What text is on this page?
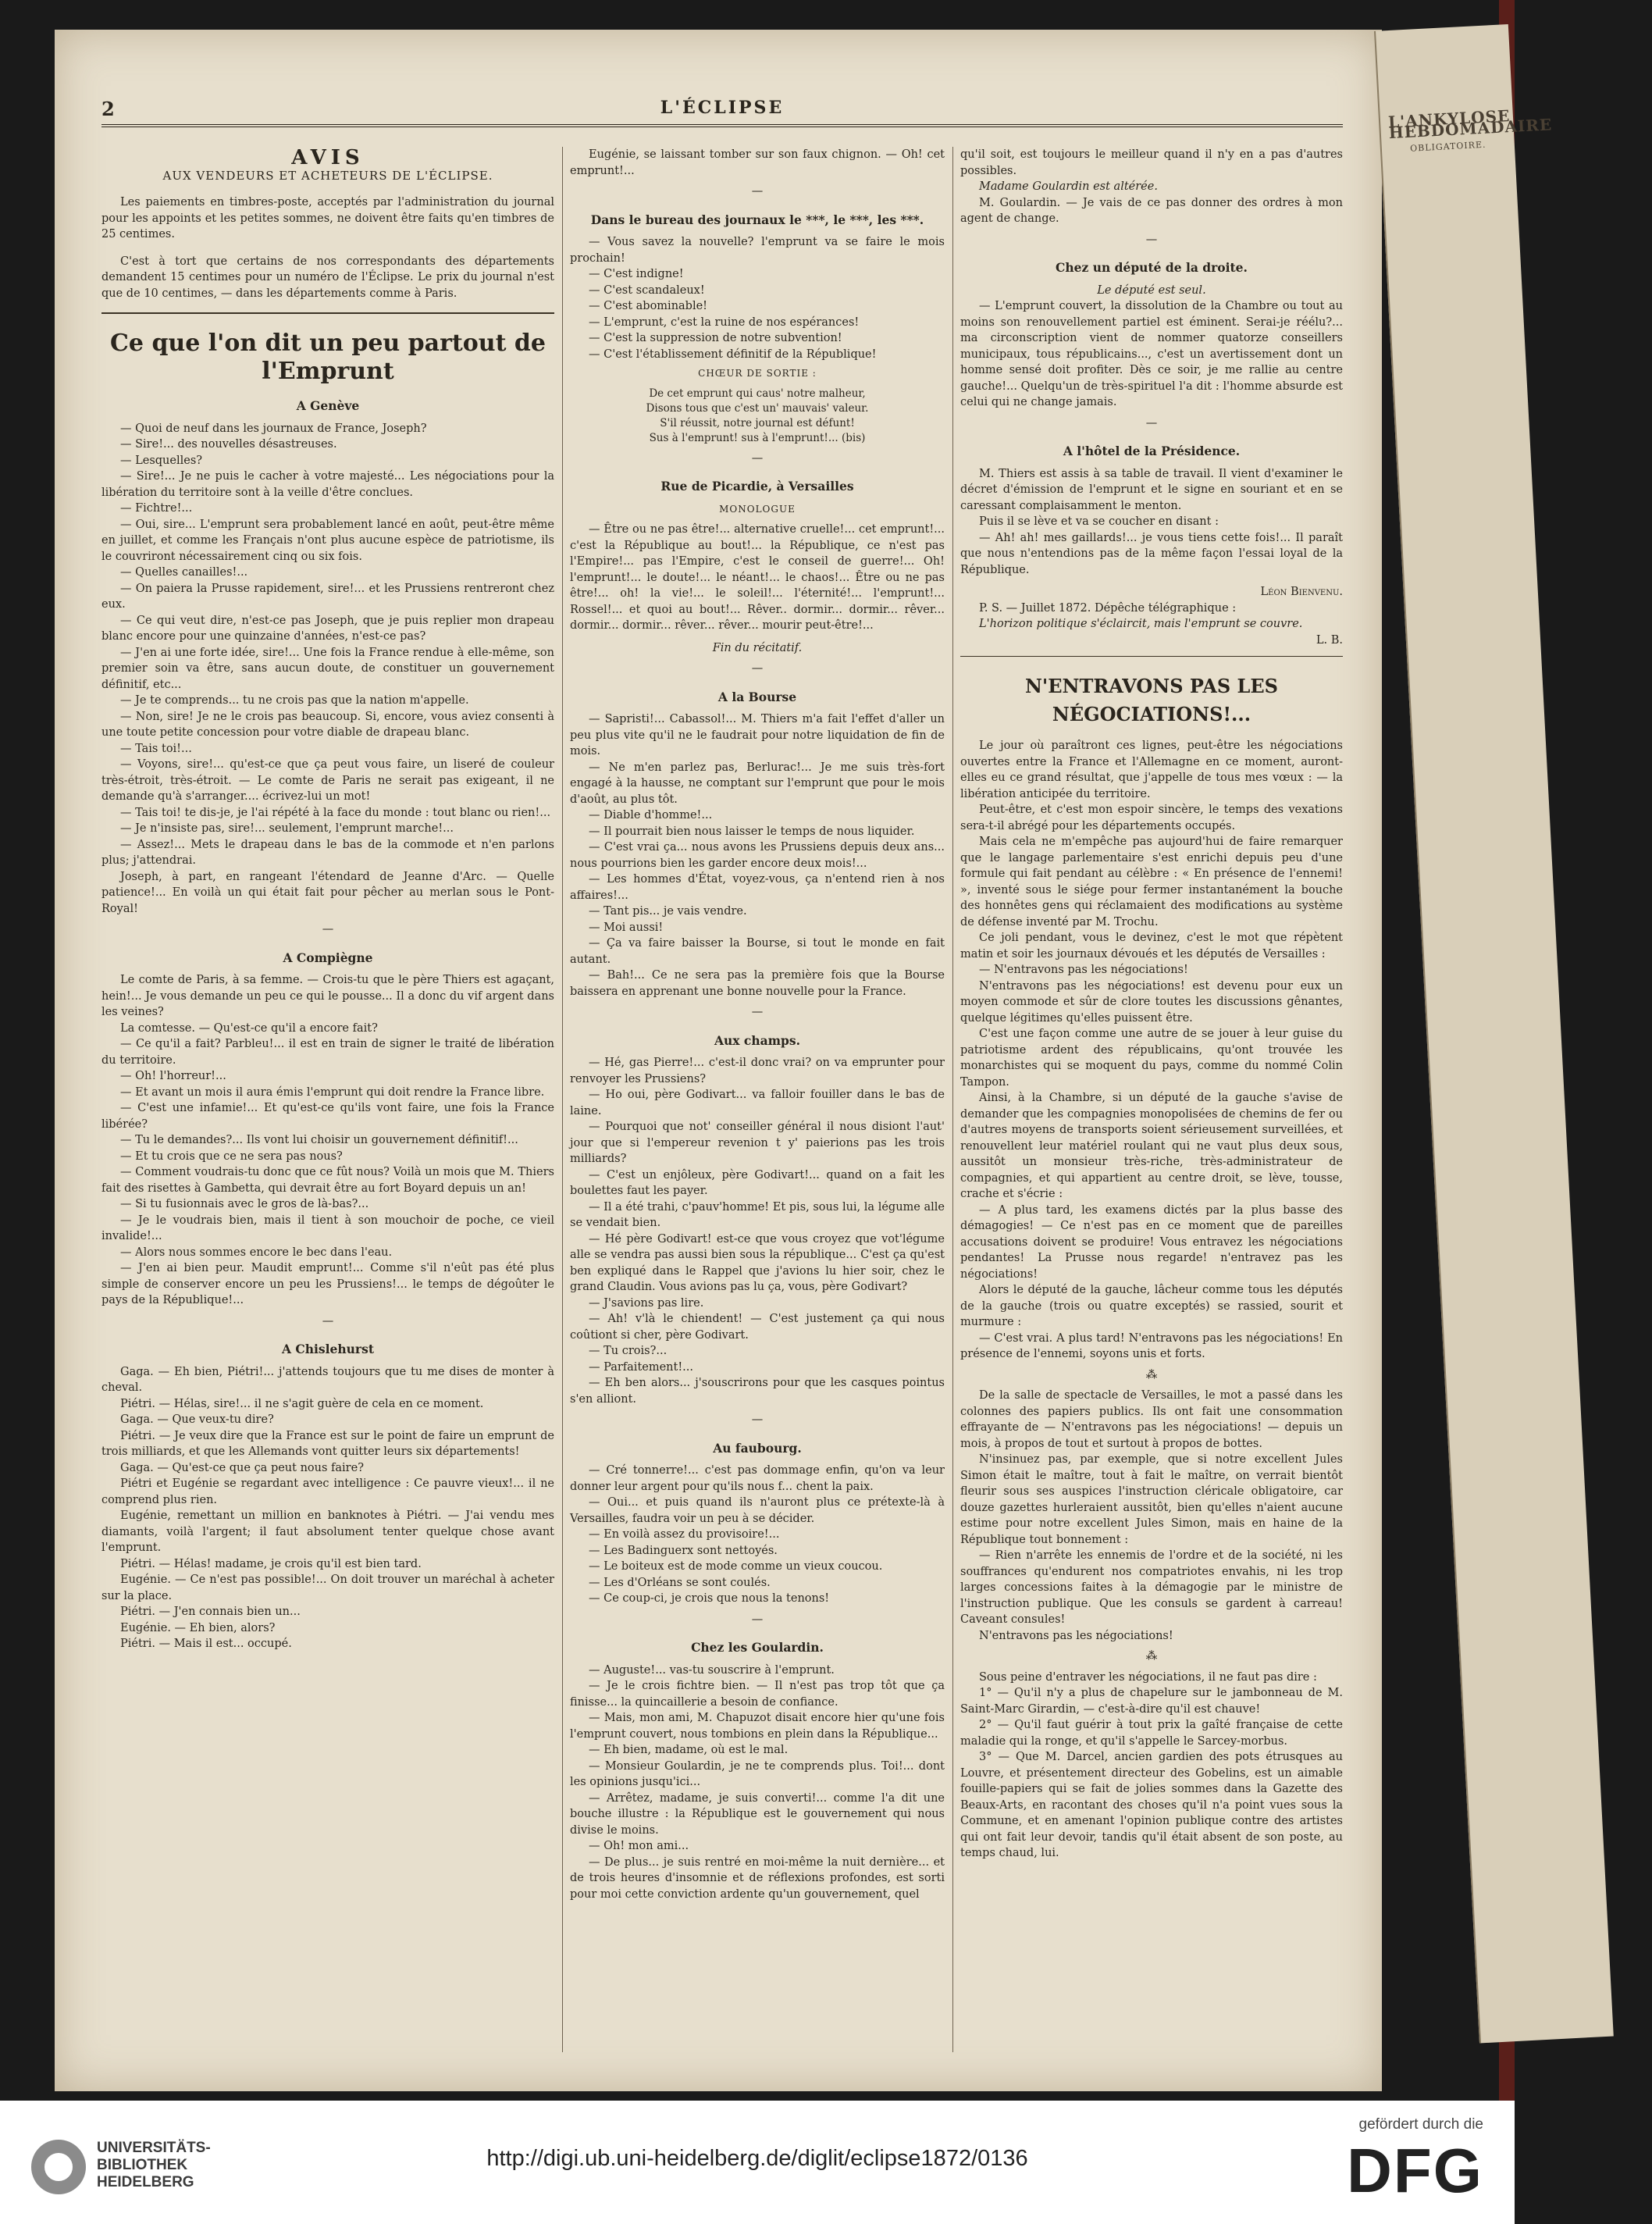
L'ANKYLOSE HEBDOMADAIRE
OBLIGATOIRE.
2	L'ÉCLIPSE
AVIS
AUX VENDEURS ET ACHETEURS DE L'ÉCLIPSE.

Les paiements en timbres-poste, acceptés par l'administration du journal pour les appoints et les petites sommes, ne doivent être faits qu'en timbres de 25 centimes.

C'est à tort que certains de nos correspondants des départements demandent 15 centimes pour un numéro de l'Éclipse. Le prix du journal n'est que de 10 centimes, — dans les départements comme à Paris.

Ce que l'on dit un peu partout de l'Emprunt
A Genève

— Quoi de neuf dans les journaux de France, Joseph?

— Sire!... des nouvelles désastreuses.

— Lesquelles?

— Sire!... Je ne puis le cacher à votre majesté... Les négociations pour la libération du territoire sont à la veille d'être conclues.

— Fichtre!...

— Oui, sire... L'emprunt sera probablement lancé en août, peut-être même en juillet, et comme les Français n'ont plus aucune espèce de patriotisme, ils le couvriront nécessairement cinq ou six fois.

— Quelles canailles!...

— On paiera la Prusse rapidement, sire!... et les Prussiens rentreront chez eux.

— Ce qui veut dire, n'est-ce pas Joseph, que je puis replier mon drapeau blanc encore pour une quinzaine d'années, n'est-ce pas?

— J'en ai une forte idée, sire!... Une fois la France rendue à elle-même, son premier soin va être, sans aucun doute, de constituer un gouvernement définitif, etc...

— Je te comprends... tu ne crois pas que la nation m'appelle.

— Non, sire! Je ne le crois pas beaucoup. Si, encore, vous aviez consenti à une toute petite concession pour votre diable de drapeau blanc.

— Tais toi!...

— Voyons, sire!... qu'est-ce que ça peut vous faire, un liseré de couleur très-étroit, très-étroit. — Le comte de Paris ne serait pas exigeant, il ne demande qu'à s'arranger.... écrivez-lui un mot!

— Tais toi! te dis-je, je l'ai répété à la face du monde : tout blanc ou rien!...

— Je n'insiste pas, sire!... seulement, l'emprunt marche!...

— Assez!... Mets le drapeau dans le bas de la commode et n'en parlons plus; j'attendrai.

Joseph, à part, en rangeant l'étendard de Jeanne d'Arc. — Quelle patience!... En voilà un qui était fait pour pêcher au merlan sous le Pont-Royal!

—
A Compiègne

Le comte de Paris, à sa femme. — Crois-tu que le père Thiers est agaçant, hein!... Je vous demande un peu ce qui le pousse... Il a donc du vif argent dans les veines?

La comtesse. — Qu'est-ce qu'il a encore fait?

— Ce qu'il a fait? Parbleu!... il est en train de signer le traité de libération du territoire.

— Oh! l'horreur!...

— Et avant un mois il aura émis l'emprunt qui doit rendre la France libre.

— C'est une infamie!... Et qu'est-ce qu'ils vont faire, une fois la France libérée?

— Tu le demandes?... Ils vont lui choisir un gouvernement définitif!...

— Et tu crois que ce ne sera pas nous?

— Comment voudrais-tu donc que ce fût nous? Voilà un mois que M. Thiers fait des risettes à Gambetta, qui devrait être au fort Boyard depuis un an!

— Si tu fusionnais avec le gros de là-bas?...

— Je le voudrais bien, mais il tient à son mouchoir de poche, ce vieil invalide!...

— Alors nous sommes encore le bec dans l'eau.

— J'en ai bien peur. Maudit emprunt!... Comme s'il n'eût pas été plus simple de conserver encore un peu les Prussiens!... le temps de dégoûter le pays de la République!...

—
A Chislehurst

Gaga. — Eh bien, Piétri!... j'attends toujours que tu me dises de monter à cheval.

Piétri. — Hélas, sire!... il ne s'agit guère de cela en ce moment.

Gaga. — Que veux-tu dire?

Piétri. — Je veux dire que la France est sur le point de faire un emprunt de trois milliards, et que les Allemands vont quitter leurs six départements!

Gaga. — Qu'est-ce que ça peut nous faire?

Piétri et Eugénie se regardant avec intelligence : Ce pauvre vieux!... il ne comprend plus rien.

Eugénie, remettant un million en banknotes à Piétri. — J'ai vendu mes diamants, voilà l'argent; il faut absolument tenter quelque chose avant l'emprunt.

Piétri. — Hélas! madame, je crois qu'il est bien tard.

Eugénie. — Ce n'est pas possible!... On doit trouver un maréchal à acheter sur la place.

Piétri. — J'en connais bien un...

Eugénie. — Eh bien, alors?

Piétri. — Mais il est... occupé.

Eugénie, se laissant tomber sur son faux chignon. — Oh! cet emprunt!...

—
Dans le bureau des journaux le ***, le ***, les ***.

— Vous savez la nouvelle? l'emprunt va se faire le mois prochain!

— C'est indigne!

— C'est scandaleux!

— C'est abominable!

— L'emprunt, c'est la ruine de nos espérances!

— C'est la suppression de notre subvention!

— C'est l'établissement définitif de la République!

CHŒUR DE SORTIE :
De cet emprunt qui caus' notre malheur,
Disons tous que c'est un' mauvais' valeur.
S'il réussit, notre journal est défunt!
Sus à l'emprunt! sus à l'emprunt!... (bis)
—
Rue de Picardie, à Versailles
MONOLOGUE

— Être ou ne pas être!... alternative cruelle!... cet emprunt!... c'est la République au bout!... la République, ce n'est pas l'Empire!... pas l'Empire, c'est le conseil de guerre!... Oh! l'emprunt!... le doute!... le néant!... le chaos!... Être ou ne pas être!... oh! la vie!... le soleil!... l'éternité!... l'emprunt!... Rossel!... et quoi au bout!... Rêver.. dormir... dormir... rêver... dormir... dormir... rêver... rêver... mourir peut-être!...

Fin du récitatif.

—
A la Bourse

— Sapristi!... Cabassol!... M. Thiers m'a fait l'effet d'aller un peu plus vite qu'il ne le faudrait pour notre liquidation de fin de mois.

— Ne m'en parlez pas, Berlurac!... Je me suis très-fort engagé à la hausse, ne comptant sur l'emprunt que pour le mois d'août, au plus tôt.

— Diable d'homme!...

— Il pourrait bien nous laisser le temps de nous liquider.

— C'est vrai ça... nous avons les Prussiens depuis deux ans... nous pourrions bien les garder encore deux mois!...

— Les hommes d'État, voyez-vous, ça n'entend rien à nos affaires!...

— Tant pis... je vais vendre.

— Moi aussi!

— Ça va faire baisser la Bourse, si tout le monde en fait autant.

— Bah!... Ce ne sera pas la première fois que la Bourse baissera en apprenant une bonne nouvelle pour la France.

—
Aux champs.

— Hé, gas Pierre!... c'est-il donc vrai? on va emprunter pour renvoyer les Prussiens?

— Ho oui, père Godivart... va falloir fouiller dans le bas de laine.

— Pourquoi que not' conseiller général il nous disiont l'aut' jour que si l'empereur revenion t y' paierions pas les trois milliards?

— C'est un enjôleux, père Godivart!... quand on a fait les boulettes faut les payer.

— Il a été trahi, c'pauv'homme! Et pis, sous lui, la légume alle se vendait bien.

— Hé père Godivart! est-ce que vous croyez que vot'légume alle se vendra pas aussi bien sous la république... C'est ça qu'est ben expliqué dans le Rappel que j'avions lu hier soir, chez le grand Claudin. Vous avions pas lu ça, vous, père Godivart?

— J'savions pas lire.

— Ah! v'là le chiendent! — C'est justement ça qui nous coûtiont si cher, père Godivart.

— Tu crois?...

— Parfaitement!...

— Eh ben alors... j'souscrirons pour que les casques pointus s'en alliont.

—
Au faubourg.

— Cré tonnerre!... c'est pas dommage enfin, qu'on va leur donner leur argent pour qu'ils nous f... chent la paix.

— Oui... et puis quand ils n'auront plus ce prétexte-là à Versailles, faudra voir un peu à se décider.

— En voilà assez du provisoire!...

— Les Badinguerx sont nettoyés.

— Le boiteux est de mode comme un vieux coucou.

— Les d'Orléans se sont coulés.

— Ce coup-ci, je crois que nous la tenons!

—
Chez les Goulardin.

— Auguste!... vas-tu souscrire à l'emprunt.

— Je le crois fichtre bien. — Il n'est pas trop tôt que ça finisse... la quincaillerie a besoin de confiance.

— Mais, mon ami, M. Chapuzot disait encore hier qu'une fois l'emprunt couvert, nous tombions en plein dans la République...

— Eh bien, madame, où est le mal.

— Monsieur Goulardin, je ne te comprends plus. Toi!... dont les opinions jusqu'ici...

— Arrêtez, madame, je suis converti!... comme l'a dit une bouche illustre : la République est le gouvernement qui nous divise le moins.

— Oh! mon ami...

— De plus... je suis rentré en moi-même la nuit dernière... et de trois heures d'insomnie et de réflexions profondes, est sorti pour moi cette conviction ardente qu'un gouvernement, quel

qu'il soit, est toujours le meilleur quand il n'y en a pas d'autres possibles.

Madame Goulardin est altérée.

M. Goulardin. — Je vais de ce pas donner des ordres à mon agent de change.

—
Chez un député de la droite.

Le député est seul.

— L'emprunt couvert, la dissolution de la Chambre ou tout au moins son renouvellement partiel est éminent. Serai-je réélu?... ma circonscription vient de nommer quatorze conseillers municipaux, tous républicains..., c'est un avertissement dont un homme sensé doit profiter. Dès ce soir, je me rallie au centre gauche!... Quelqu'un de très-spirituel l'a dit : l'homme absurde est celui qui ne change jamais.

—
A l'hôtel de la Présidence.

M. Thiers est assis à sa table de travail. Il vient d'examiner le décret d'émission de l'emprunt et le signe en souriant et en se caressant complaisamment le menton.

Puis il se lève et va se coucher en disant :

— Ah! ah! mes gaillards!... je vous tiens cette fois!... Il paraît que nous n'entendions pas de la même façon l'essai loyal de la République.

Léon Bienvenu.

P. S. — Juillet 1872. Dépêche télégraphique :

L'horizon politique s'éclaircit, mais l'emprunt se couvre.

L. B.
N'ENTRAVONS PAS LES NÉGOCIATIONS!...

Le jour où paraîtront ces lignes, peut-être les négociations ouvertes entre la France et l'Allemagne en ce moment, auront-elles eu ce grand résultat, que j'appelle de tous mes vœux : — la libération anticipée du territoire.

Peut-être, et c'est mon espoir sincère, le temps des vexations sera-t-il abrégé pour les départements occupés.

Mais cela ne m'empêche pas aujourd'hui de faire remarquer que le langage parlementaire s'est enrichi depuis peu d'une formule qui fait pendant au célèbre : « En présence de l'ennemi! », inventé sous le siége pour fermer instantanément la bouche des honnêtes gens qui réclamaient des modifications au système de défense inventé par M. Trochu.

Ce joli pendant, vous le devinez, c'est le mot que répètent matin et soir les journaux dévoués et les députés de Versailles :

— N'entravons pas les négociations!

N'entravons pas les négociations! est devenu pour eux un moyen commode et sûr de clore toutes les discussions gênantes, quelque légitimes qu'elles puissent être.

C'est une façon comme une autre de se jouer à leur guise du patriotisme ardent des républicains, qu'ont trouvée les monarchistes qui se moquent du pays, comme du nommé Colin Tampon.

Ainsi, à la Chambre, si un député de la gauche s'avise de demander que les compagnies monopolisées de chemins de fer ou d'autres moyens de transports soient sérieusement surveillées, et renouvellent leur matériel roulant qui ne vaut plus deux sous, aussitôt un monsieur très-riche, très-administrateur de compagnies, et qui appartient au centre droit, se lève, tousse, crache et s'écrie :

— A plus tard, les examens dictés par la plus basse des démagogies! — Ce n'est pas en ce moment que de pareilles accusations doivent se produire! Vous entravez les négociations pendantes! La Prusse nous regarde! n'entravez pas les négociations!

Alors le député de la gauche, lâcheur comme tous les députés de la gauche (trois ou quatre exceptés) se rassied, sourit et murmure :

— C'est vrai. A plus tard! N'entravons pas les négociations! En présence de l'ennemi, soyons unis et forts.

⁂

De la salle de spectacle de Versailles, le mot a passé dans les colonnes des papiers publics. Ils ont fait une consommation effrayante de — N'entravons pas les négociations! — depuis un mois, à propos de tout et surtout à propos de bottes.

N'insinuez pas, par exemple, que si notre excellent Jules Simon était le maître, tout à fait le maître, on verrait bientôt fleurir sous ses auspices l'instruction cléricale obligatoire, car douze gazettes hurleraient aussitôt, bien qu'elles n'aient aucune estime pour notre excellent Jules Simon, mais en haine de la République tout bonnement :

— Rien n'arrête les ennemis de l'ordre et de la société, ni les souffrances qu'endurent nos compatriotes envahis, ni les trop larges concessions faites à la démagogie par le ministre de l'instruction publique. Que les consuls se gardent à carreau! Caveant consules!

N'entravons pas les négociations!

⁂

Sous peine d'entraver les négociations, il ne faut pas dire :

1° — Qu'il n'y a plus de chapelure sur le jambonneau de M. Saint-Marc Girardin, — c'est-à-dire qu'il est chauve!

2° — Qu'il faut guérir à tout prix la gaîté française de cette maladie qui la ronge, et qu'il s'appelle le Sarcey-morbus.

3° — Que M. Darcel, ancien gardien des pots étrusques au Louvre, et présentement directeur des Gobelins, est un aimable fouille-papiers qui se fait de jolies sommes dans la Gazette des Beaux-Arts, en racontant des choses qu'il n'a point vues sous la Commune, et en amenant l'opinion publique contre des artistes qui ont fait leur devoir, tandis qu'il était absent de son poste, au temps chaud, lui.

UNIVERSITÄTS-
BIBLIOTHEK
HEIDELBERG
http://digi.ub.uni-heidelberg.de/diglit/eclipse1872/0136
gefördert durch die
DFG
